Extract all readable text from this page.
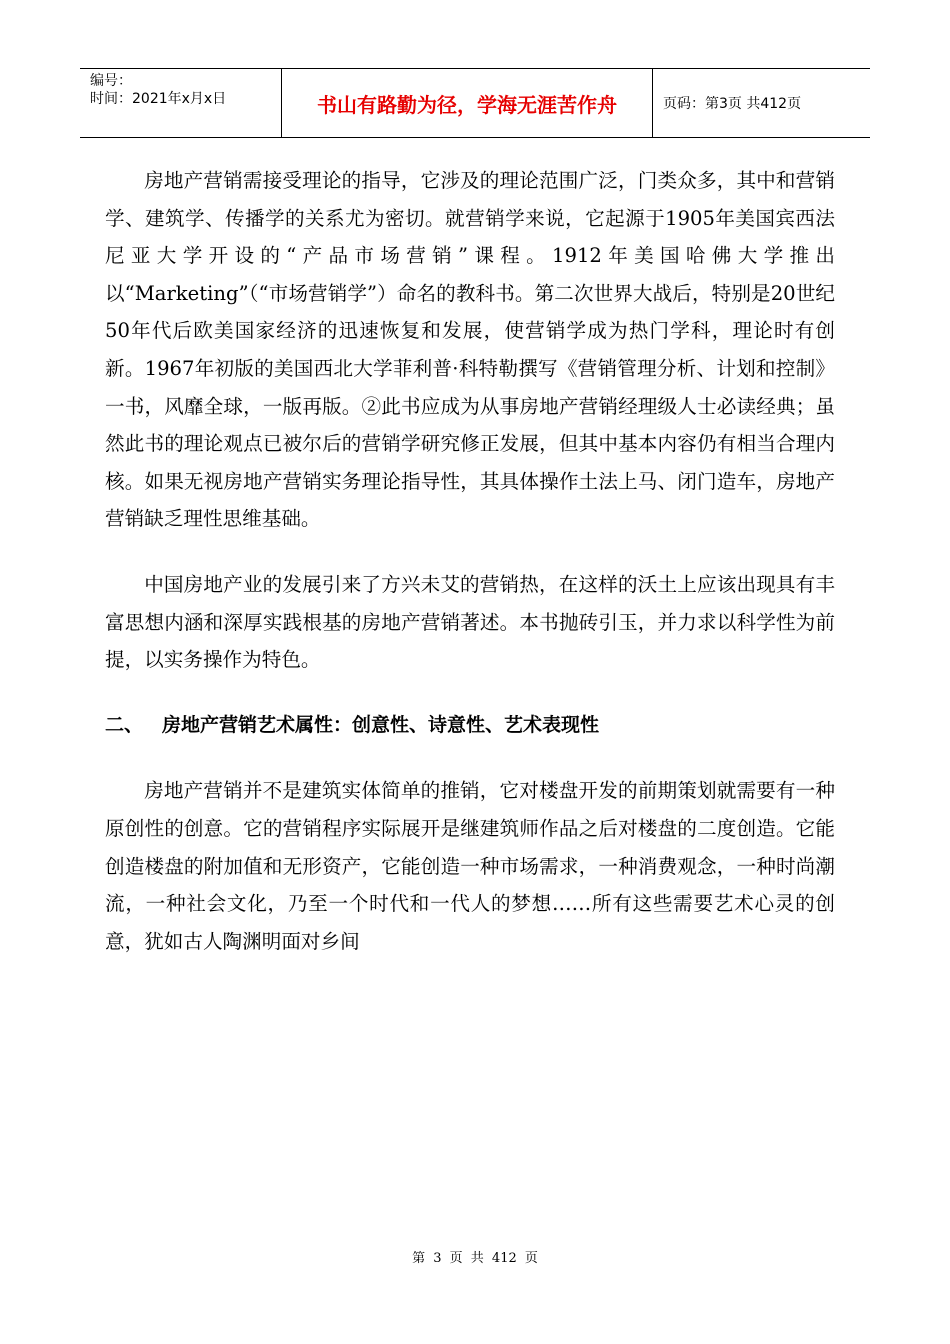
编号：
时间：2021年x月x日	书山有路勤为径，学海无涯苦作舟	页码：第3页 共412页

房地产营销需接受理论的指导，它涉及的理论范围广泛，门类众多，其中和营销学、建筑学、传播学的关系尤为密切。就营销学来说，它起源于1905年美国宾西法尼亚大学开设的“产品市场营销”课程。1912年美国哈佛大学推出以“Marketing”（“市场营销学”）命名的教科书。第二次世界大战后，特别是20世纪50年代后欧美国家经济的迅速恢复和发展，使营销学成为热门学科，理论时有创新。1967年初版的美国西北大学菲利普·科特勒撰写《营销管理分析、计划和控制》一书，风靡全球，一版再版。②此书应成为从事房地产营销经理级人士必读经典；虽然此书的理论观点已被尔后的营销学研究修正发展，但其中基本内容仍有相当合理内核。如果无视房地产营销实务理论指导性，其具体操作土法上马、闭门造车，房地产营销缺乏理性思维基础。

中国房地产业的发展引来了方兴未艾的营销热，在这样的沃土上应该出现具有丰富思想内涵和深厚实践根基的房地产营销著述。本书抛砖引玉，并力求以科学性为前提，以实务操作为特色。

二、 房地产营销艺术属性：创意性、诗意性、艺术表现性

房地产营销并不是建筑实体简单的推销，它对楼盘开发的前期策划就需要有一种原创性的创意。它的营销程序实际展开是继建筑师作品之后对楼盘的二度创造。它能创造楼盘的附加值和无形资产，它能创造一种市场需求，一种消费观念，一种时尚潮流，一种社会文化，乃至一个时代和一代人的梦想……所有这些需要艺术心灵的创意，犹如古人陶渊明面对乡间

第 3 页 共 412 页
